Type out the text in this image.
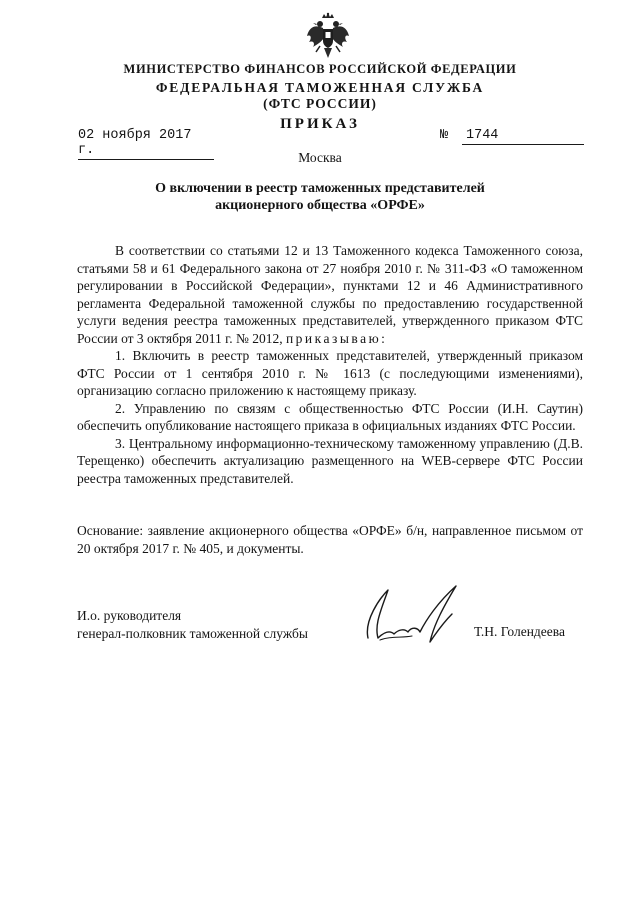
МИНИСТЕРСТВО ФИНАНСОВ РОССИЙСКОЙ ФЕДЕРАЦИИ
ФЕДЕРАЛЬНАЯ ТАМОЖЕННАЯ СЛУЖБА
(ФТС РОССИИ)
ПРИКАЗ
02 ноября 2017 г.
№ 1744
Москва
О включении в реестр таможенных представителей
акционерного общества «ОРФЕ»

В соответствии со статьями 12 и 13 Таможенного кодекса Таможенного союза, статьями 58 и 61 Федерального закона от 27 ноября 2010 г. № 311-ФЗ «О таможенном регулировании в Российской Федерации», пунктами 12 и 46 Административного регламента Федеральной таможенной службы по предоставлению государственной услуги ведения реестра таможенных представителей, утвержденного приказом ФТС России от 3 октября 2011 г. № 2012, приказываю:

1. Включить в реестр таможенных представителей, утвержденный приказом ФТС России от 1 сентября 2010 г. № 1613 (с последующими изменениями), организацию согласно приложению к настоящему приказу.

2. Управлению по связям с общественностью ФТС России (И.Н. Саутин) обеспечить опубликование настоящего приказа в официальных изданиях ФТС России.

3. Центральному информационно-техническому таможенному управлению (Д.В. Терещенко) обеспечить актуализацию размещенного на WEB-сервере ФТС России реестра таможенных представителей.

Основание: заявление акционерного общества «ОРФЕ» б/н, направленное письмом от 20 октября 2017 г. № 405, и документы.
И.о. руководителя
генерал-полковник таможенной службы	Т.Н. Голендеева
